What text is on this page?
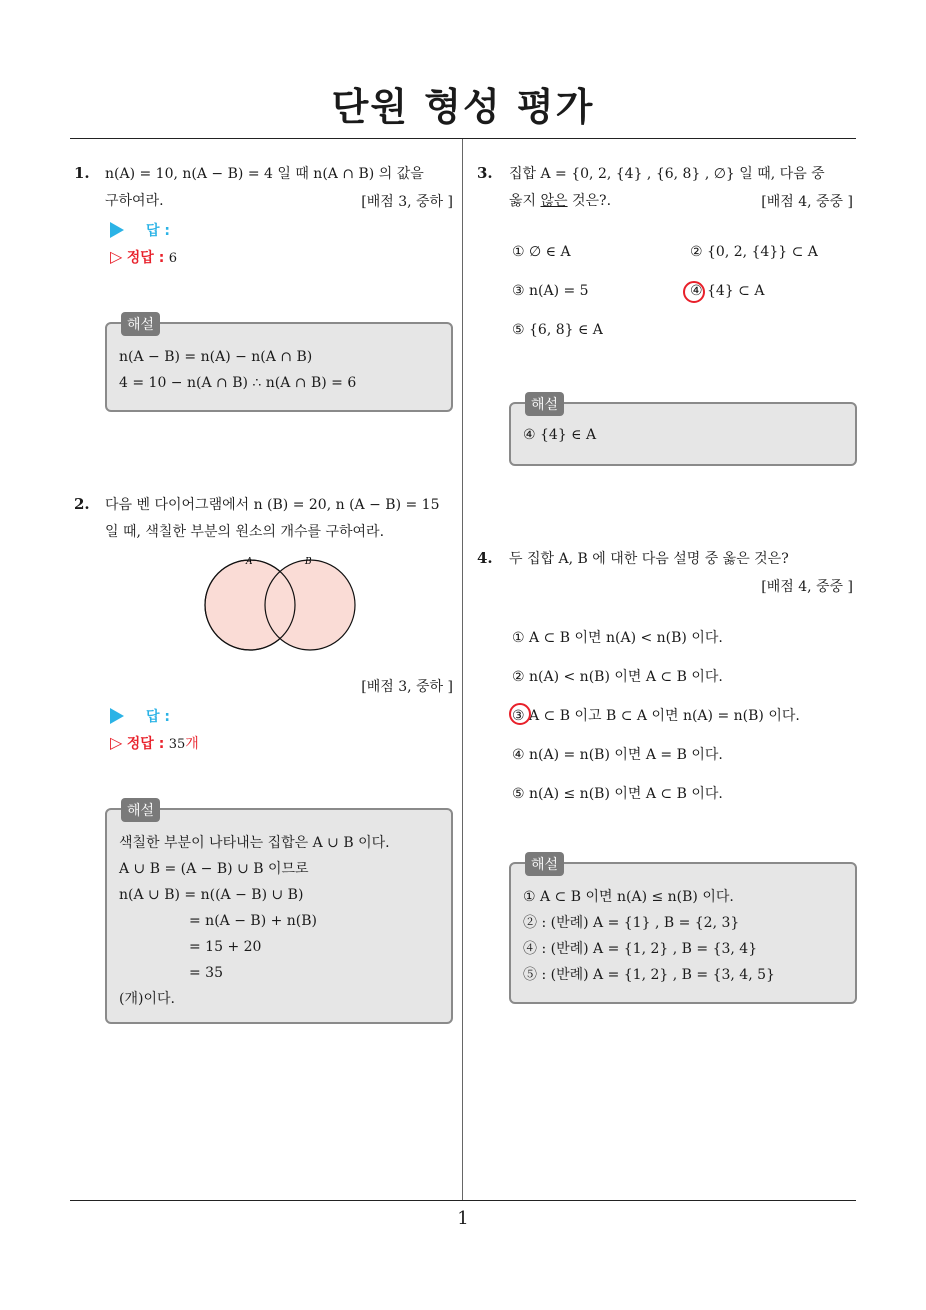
단원 형성 평가
1. n(A) = 10, n(A − B) = 4 일 때 n(A ∩ B) 의 값을
구하여라.	[배점 3, 중하 ]
답 :
▷ 정답 : 6
해설
n(A − B) = n(A) − n(A ∩ B)
4 = 10 − n(A ∩ B) ∴ n(A ∩ B) = 6
2. 다음 벤 다이어그램에서 n (B) = 20, n (A − B) = 15
일 때, 색칠한 부분의 원소의 개수를 구하여라.
A	B
[배점 3, 중하 ]
답 :
▷ 정답 : 35개
해설
색칠한 부분이 나타내는 집합은 A ∪ B 이다.
A ∪ B = (A − B) ∪ B 이므로
n(A ∪ B) = n((A − B) ∪ B)
= n(A − B) + n(B)
= 15 + 20
= 35
(개)이다.
3. 집합 A = {0, 2, {4} , {6, 8} , ∅} 일 때, 다음 중
옳지 않은 것은?.	[배점 4, 중중 ]
① ∅ ∈ A	② {0, 2, {4}} ⊂ A
③ n(A) = 5	④ {4} ⊂ A
⑤ {6, 8} ∈ A
해설
④ {4} ∈ A
4. 두 집합 A, B 에 대한 다음 설명 중 옳은 것은?
[배점 4, 중중 ]
① A ⊂ B 이면 n(A) < n(B) 이다.
② n(A) < n(B) 이면 A ⊂ B 이다.
③ A ⊂ B 이고 B ⊂ A 이면 n(A) = n(B) 이다.
④ n(A) = n(B) 이면 A = B 이다.
⑤ n(A) ≤ n(B) 이면 A ⊂ B 이다.
해설
① A ⊂ B 이면 n(A) ≤ n(B) 이다.
② : (반례) A = {1} , B = {2, 3}
④ : (반례) A = {1, 2} , B = {3, 4}
⑤ : (반례) A = {1, 2} , B = {3, 4, 5}
1
